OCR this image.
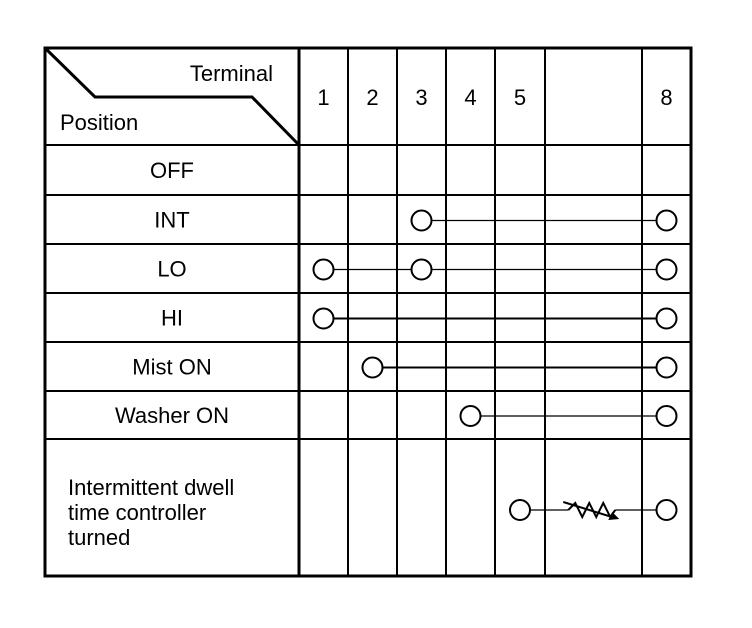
Terminal
Position
1 2 3 4 5	8
OFF
INT
LO
HI
Mist ON
Washer ON
Intermittent dwell
time controller
turned
